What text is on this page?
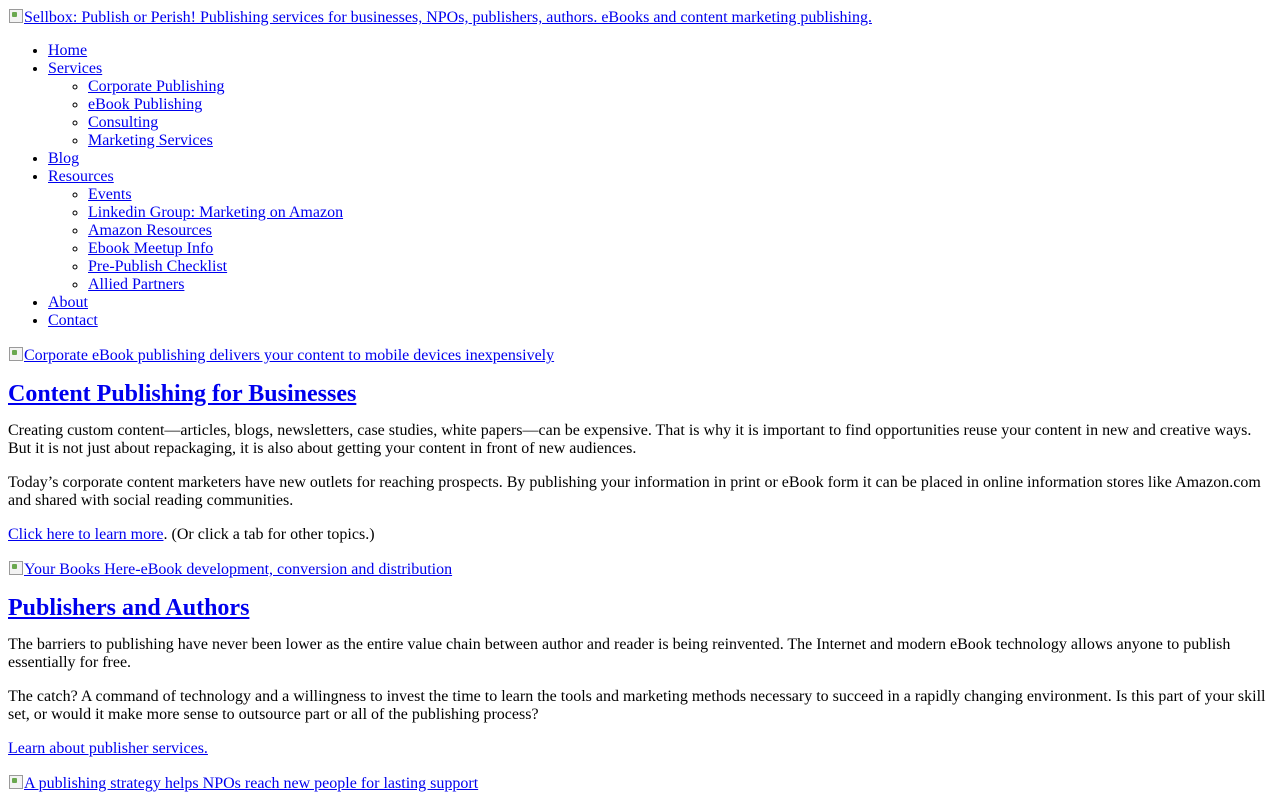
Sellbox: Publish or Perish! Publishing services for businesses, NPOs, publishers, authors. eBooks and content marketing publishing.
• Home
• Services
◦ Corporate Publishing
◦ eBook Publishing
◦ Consulting
◦ Marketing Services
• Blog
• Resources
◦ Events
◦ Linkedin Group: Marketing on Amazon
◦ Amazon Resources
◦ Ebook Meetup Info
◦ Pre-Publish Checklist
◦ Allied Partners
• About
• Contact
Corporate eBook publishing delivers your content to mobile devices inexpensively
Content Publishing for Businesses

Creating custom content—articles, blogs, newsletters, case studies, white papers—can be expensive. That is why it is important to find opportunities reuse your content in new and creative ways. But it is not just about repackaging, it is also about getting your content in front of new audiences.

Today’s corporate content marketers have new outlets for reaching prospects. By publishing your information in print or eBook form it can be placed in online information stores like Amazon.com and shared with social reading communities.

Click here to learn more. (Or click a tab for other topics.)

Your Books Here-eBook development, conversion and distribution
Publishers and Authors

The barriers to publishing have never been lower as the entire value chain between author and reader is being reinvented. The Internet and modern eBook technology allows anyone to publish essentially for free.

The catch? A command of technology and a willingness to invest the time to learn the tools and marketing methods necessary to succeed in a rapidly changing environment. Is this part of your skill set, or would it make more sense to outsource part or all of the publishing process?

Learn about publisher services.

A publishing strategy helps NPOs reach new people for lasting support
